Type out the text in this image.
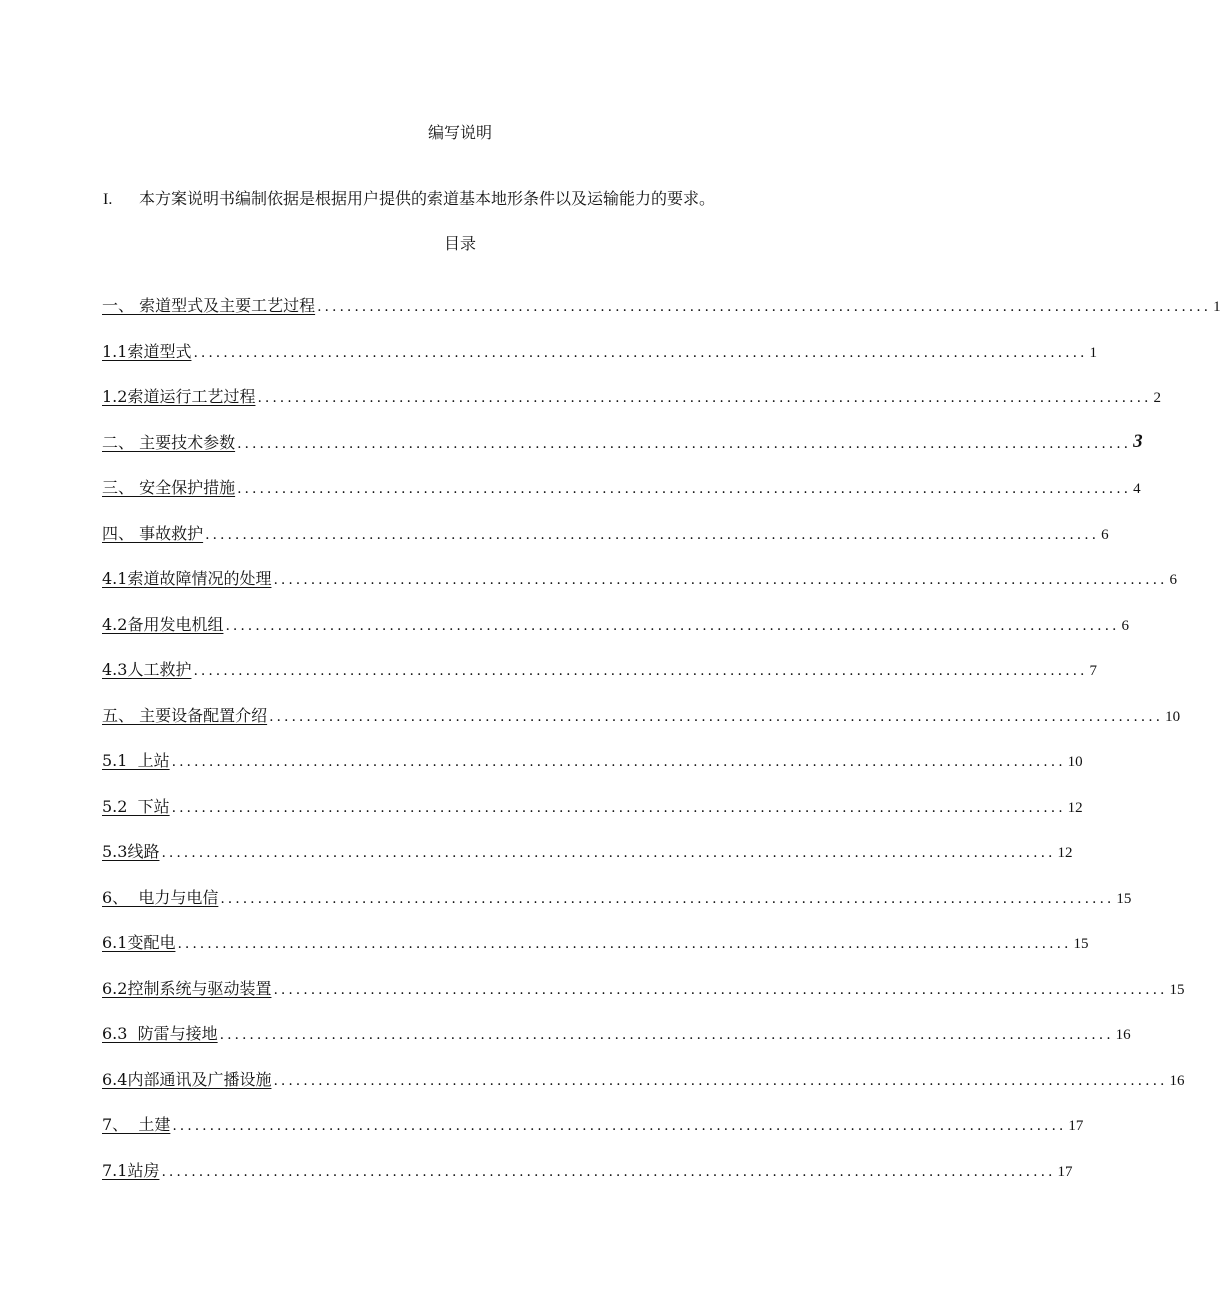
编写说明
I. 本方案说明书编制依据是根据用户提供的索道基本地形条件以及运输能力的要求。
目录
一、 索道型式及主要工艺过程 ........................................................................................................................ 1
1.1索道型式 ........................................................................................................................ 1
1.2索道运行工艺过程 ........................................................................................................................ 2
二、 主要技术参数 ........................................................................................................................ 3
三、 安全保护措施 ........................................................................................................................ 4
四、 事故救护 ........................................................................................................................ 6
4.1索道故障情况的处理 ........................................................................................................................ 6
4.2备用发电机组 ........................................................................................................................ 6
4.3人工救护 ........................................................................................................................ 7
五、 主要设备配置介绍 ........................................................................................................................ 10
5.1  上站 ........................................................................................................................ 10
5.2  下站 ........................................................................................................................ 12
5.3线路 ........................................................................................................................ 12
6、  电力与电信 ........................................................................................................................ 15
6.1变配电 ........................................................................................................................ 15
6.2控制系统与驱动装置 ........................................................................................................................ 15
6.3  防雷与接地 ........................................................................................................................ 16
6.4内部通讯及广播设施 ........................................................................................................................ 16
7、  土建 ........................................................................................................................ 17
7.1站房 ........................................................................................................................ 17
